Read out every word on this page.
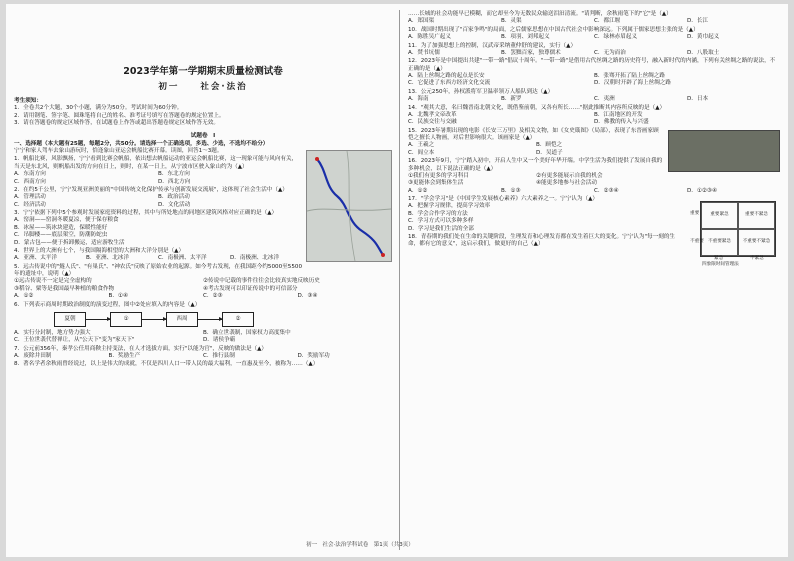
2023学年第一学期期末质量检测试卷
初一　　社会·法治

考生须知：

1．全卷共2个大题，30个小题，满分为50分。考试时间为60分钟。

2．请用钢笔、签字笔、圆珠笔将自己的姓名、准考证号填写在答题卷的规定位置上。

3．请在答题卷的规定区域作答，在试题卷上作答或超出答题卷规定区域作答无效。

试题卷　Ⅰ

一、选择题（本大题有25题，每题2分，共50分。请选择一个正确选项，多选、少选，不选均不给分）

宁宁和家人驾车去象山游玩时，恰逢象山亚运会帆船比赛开幕。读图，回答1～3题。

1．帆船比赛，风影飘扬，宁宁看到比赛会帆船，依出想去帆船运动的亚运会帆船比赛，这一现象可能与风向有关，当天是东北风，则帆船出发的方向在日上，则时，在某一日上，从宁波市区驶入象山约为（▲）

A．东南方向	B．东北方向
C．西南方向	D．西北方向

2．在约5千公里，宁宁发现亚洲美丽的"中国传统文化保护传承与创新发展交流展"，这体现了社会生活中（▲）

A．管理活动	B．政治活动
C．经济活动	D．文化活动

3．宁宁依据下列中5个参观时发展家庭资料的过程，其中与所处地点的同地区建筑风格对应正确的是（▲）

A．窑洞——窑洞冬暖夏凉，便于保存粮食
B．冰屋——筑冰块建造，保暖性能好
C．吊脚楼——底层架空，防潮防蛇虫
D．蒙古包——便于拆卸搬运，适应游牧生活

4．世界上的大洲有七个，与我国隔海相望的大洲和大洋分别是（▲）

A．亚洲、太平洋	B．亚洲、北冰洋	C．南极洲、太平洋	D．南极洲、北冰洋

5．远古传说中的"燧人氏"、"有巢氏"、"神农氏"反映了原始农业的起源。如今考古发现，在我国距今约5000至5500年的遗址中，说明（▲）

①远古传说不一定是完全虚构的	②传说中记载的事件往往会比较真实地反映历史
③稻谷、粟等是我国最早种植的粮食作物	④考古发现可以印证传说中的可信部分
A．①②	B．①④	C．②③	D．③④

6．下列表示商周时期政治制度的演变过程，图中②处应填入的内容是（▲）

夏朝	①	西周	②
A．实行分封制，地方势力强大	B．确立世袭制，国家权力高度集中
C．王位世袭代替禅让，从"公天下"变为"家天下"	D．诸侯争霸

7．公元前356年，秦孝公任用商鞅主持变法，在人才选拔方面，实行"以能为官"，反映的做法是（▲）

A．废除井田制	B．奖励生产	C．推行县制	D．奖励军功

8．著名学者余秋雨曾经说过，以上是伟大的成就，不仅是四川人口一带人民的最大福利，一直惠及至今，被称为……（▲）

……长城的社会功能早已模糊，而它却至今为无数民众输送泪汩清流。"请判断，余秋雨笔下的"它"是（▲）

A．郑国渠	B．灵渠	C．都江堰	D．长江

10．战国时期出现了"百家争鸣"的局面，之后儒家思想在中国古代社会中影响深远。下列属于儒家思想主张的是（▲）

A．陈胜吴广起义	B．项羽、刘邦起义	C．绿林赤眉起义	D．黄巾起义

11．为了加强思想上的控制，汉武帝采纳董仲舒的建议，实行（▲）

A．焚书坑儒	B．罢黜百家，独尊儒术	C．无为而治	D．八股取士

12．2023年是中国提出共建"一带一路"倡议十周年。"一带一路"是借用古代丝绸之路的历史符号，融入新时代的内涵，下列有关丝绸之路的说法，不正确的是（▲）

A．陆上丝绸之路的起点是长安	B．张骞开拓了陆上丝绸之路
C．它促进了东西方经济文化交流	D．汉朝时开辟了海上丝绸之路

13．公元250年，孙权派将军卫温率领万人船队到达（▲）

A．海南	B．新罗	C．夷洲	D．日本

14．"观其大意，名曰魏晋南北朝文化，既借鉴前朝，又各有所长……"据此推断其内容所反映的是（▲）

A．北魏孝文帝改革	B．江南地区的开发
C．民族交往与交融	D．佛教的传入与兴盛

15．2023年暑期出现的电影《长安三万里》及相关文物，如《女史箴图》（局部），表现了东晋画家顾恺之擅长人物画，对后世影响很大。该画家是（▲）

A．王羲之	B．顾恺之
C．阎立本	D．吴道子

16．2023年9月，宁宁踏入初中，开启人生中又一个美好年华开端。中学生活为我们提供了发展自我的多种机会，以下说法正确的是（▲）

①我们有更多的学习科目	②有更多能展示自我的机会
③更能体会到集体生活	④能更多地参与社会活动
A．①②	B．①③	C．②③④	D．①②③④
重要紧急	重要不紧急
不重要紧急	不重要不紧急
重要
不重要
紧急	不紧急
四象限时间管理法

17．"学会学习"是《中国学生发展核心素养》六大素养之一。宁宁认为（▲）

A．把握学习规律，提高学习效率
B．学会合作学习的方法
C．学习方式可以多种多样
D．学习是我们生活的全部

18．青春期的我们处在生命的关键阶段，生理发育和心理发育都在发生着巨大的变化。宁宁认为"每一刻的生命，都有它的意义"，这启示我们，做更好的自己（▲）

初一　社会·法治学科试卷　第1页（共3页）
